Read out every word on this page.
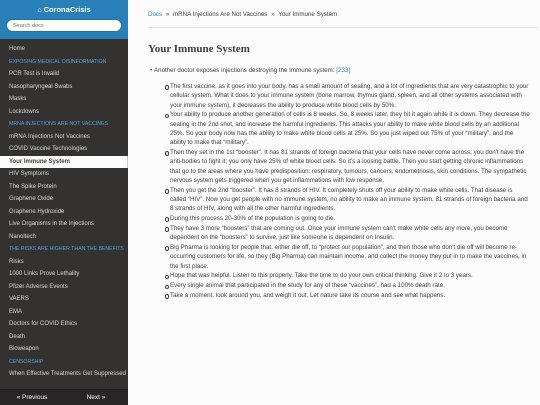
⌂ CoronaCrisis
Search docs
Home
EXPOSING MEDICAL DISINFORMATION
PCR Test is Invalid
Nasopharyngeal Swabs
Masks
Lockdowns
MRNA INJECTIONS ARE NOT VACCINES
mRNA Injections Not Vaccines
COVID Vaccine Technologies
Your Immune System
HIV Symptoms
The Spike Protein
Graphene Oxide
Graphene Hydroxide
Live Organisms in the Injections
Nanoltech
THE RISKS ARE HIGHER THAN THE BENEFITS
Risks
1000 Links Prove Lethality
Pfizer Adverse Events
VAERS
EMA
Doctors for COVID Ethics
Death
Bioweapon
CENSORSHIP
When Effective Treatments Get Suppressed
« Previous	Next »
Docs » mRNA Injections Are Not Vaccines » Your Immune System
Your Immune System
• Another doctor exposes injections destroying the Immune system: [233]
The first vaccine, as it goes into your body, has a small amount of sealing, and a lot of ingredients that are very catastrophic to your cellular system. What it does to your immune system (bone marrow, thymus gland, spleen, and all other systems associated with your immune system), it decreases the ability to produce white blood cells by 50%.
Your ability to produce another generation of cells is 8 weeks. So, 8 weeks later, they hit it again while it is down. They decrease the sealing in the 2nd shot, and increase the harmful ingredients. This attacks your ability to make white blood cells by an additional 25%. So your body now has the ability to make white blood cells at 25%. So you just wiped out 75% of your “military”, and the ability to make that “military”.
Then they set in the 1st “booster”. It has 81 strands of foreign bacteria that your cells have never come across; you don't have the anti-bodies to fight it; you only have 25% of white blood cells. So it's a loosing battle. Then you start getting chronic inflammations that go to the areas where you have predisposition: respiratory, tumours, cancers, endometriosis, skin conditions. The sympathetic nervous system gets triggered when you get inflammations with low response.
Then you get the 2nd “booster”. It has 8 strands of HIV. It completely shuts off your ability to make white cells. That disease is called “HIV”. Now you get people with no immune system, no ability to make an immune system, 81 strands of foreign bacteria and 8 strands of HIV, along with all the other harmful ingredients.
During this process 20-30% of the population is going to die.
They have 3 more “boosters” that are coming out. Once your immune system can't make white cells any more, you become dependent on the “boosters” to survive, just like someone is dependent on Insulin.
Big Pharma is looking for people that, either die off, to “protect our population”, and then those who don't die off will become re-occurring customers for life, so they (Big Pharma) can maintain income, and collect the money they put in to make the vaccines, in the first place.
Hope that was helpful. Listen to this properly. Take the time to do your own critical thinking. Give it 2 to 3 years.
Every single animal that participated in the study for any of these “vaccines”, had a 100% death rate.
Take a moment, look around you, and weigh it out. Let nature take its course and see what happens.
